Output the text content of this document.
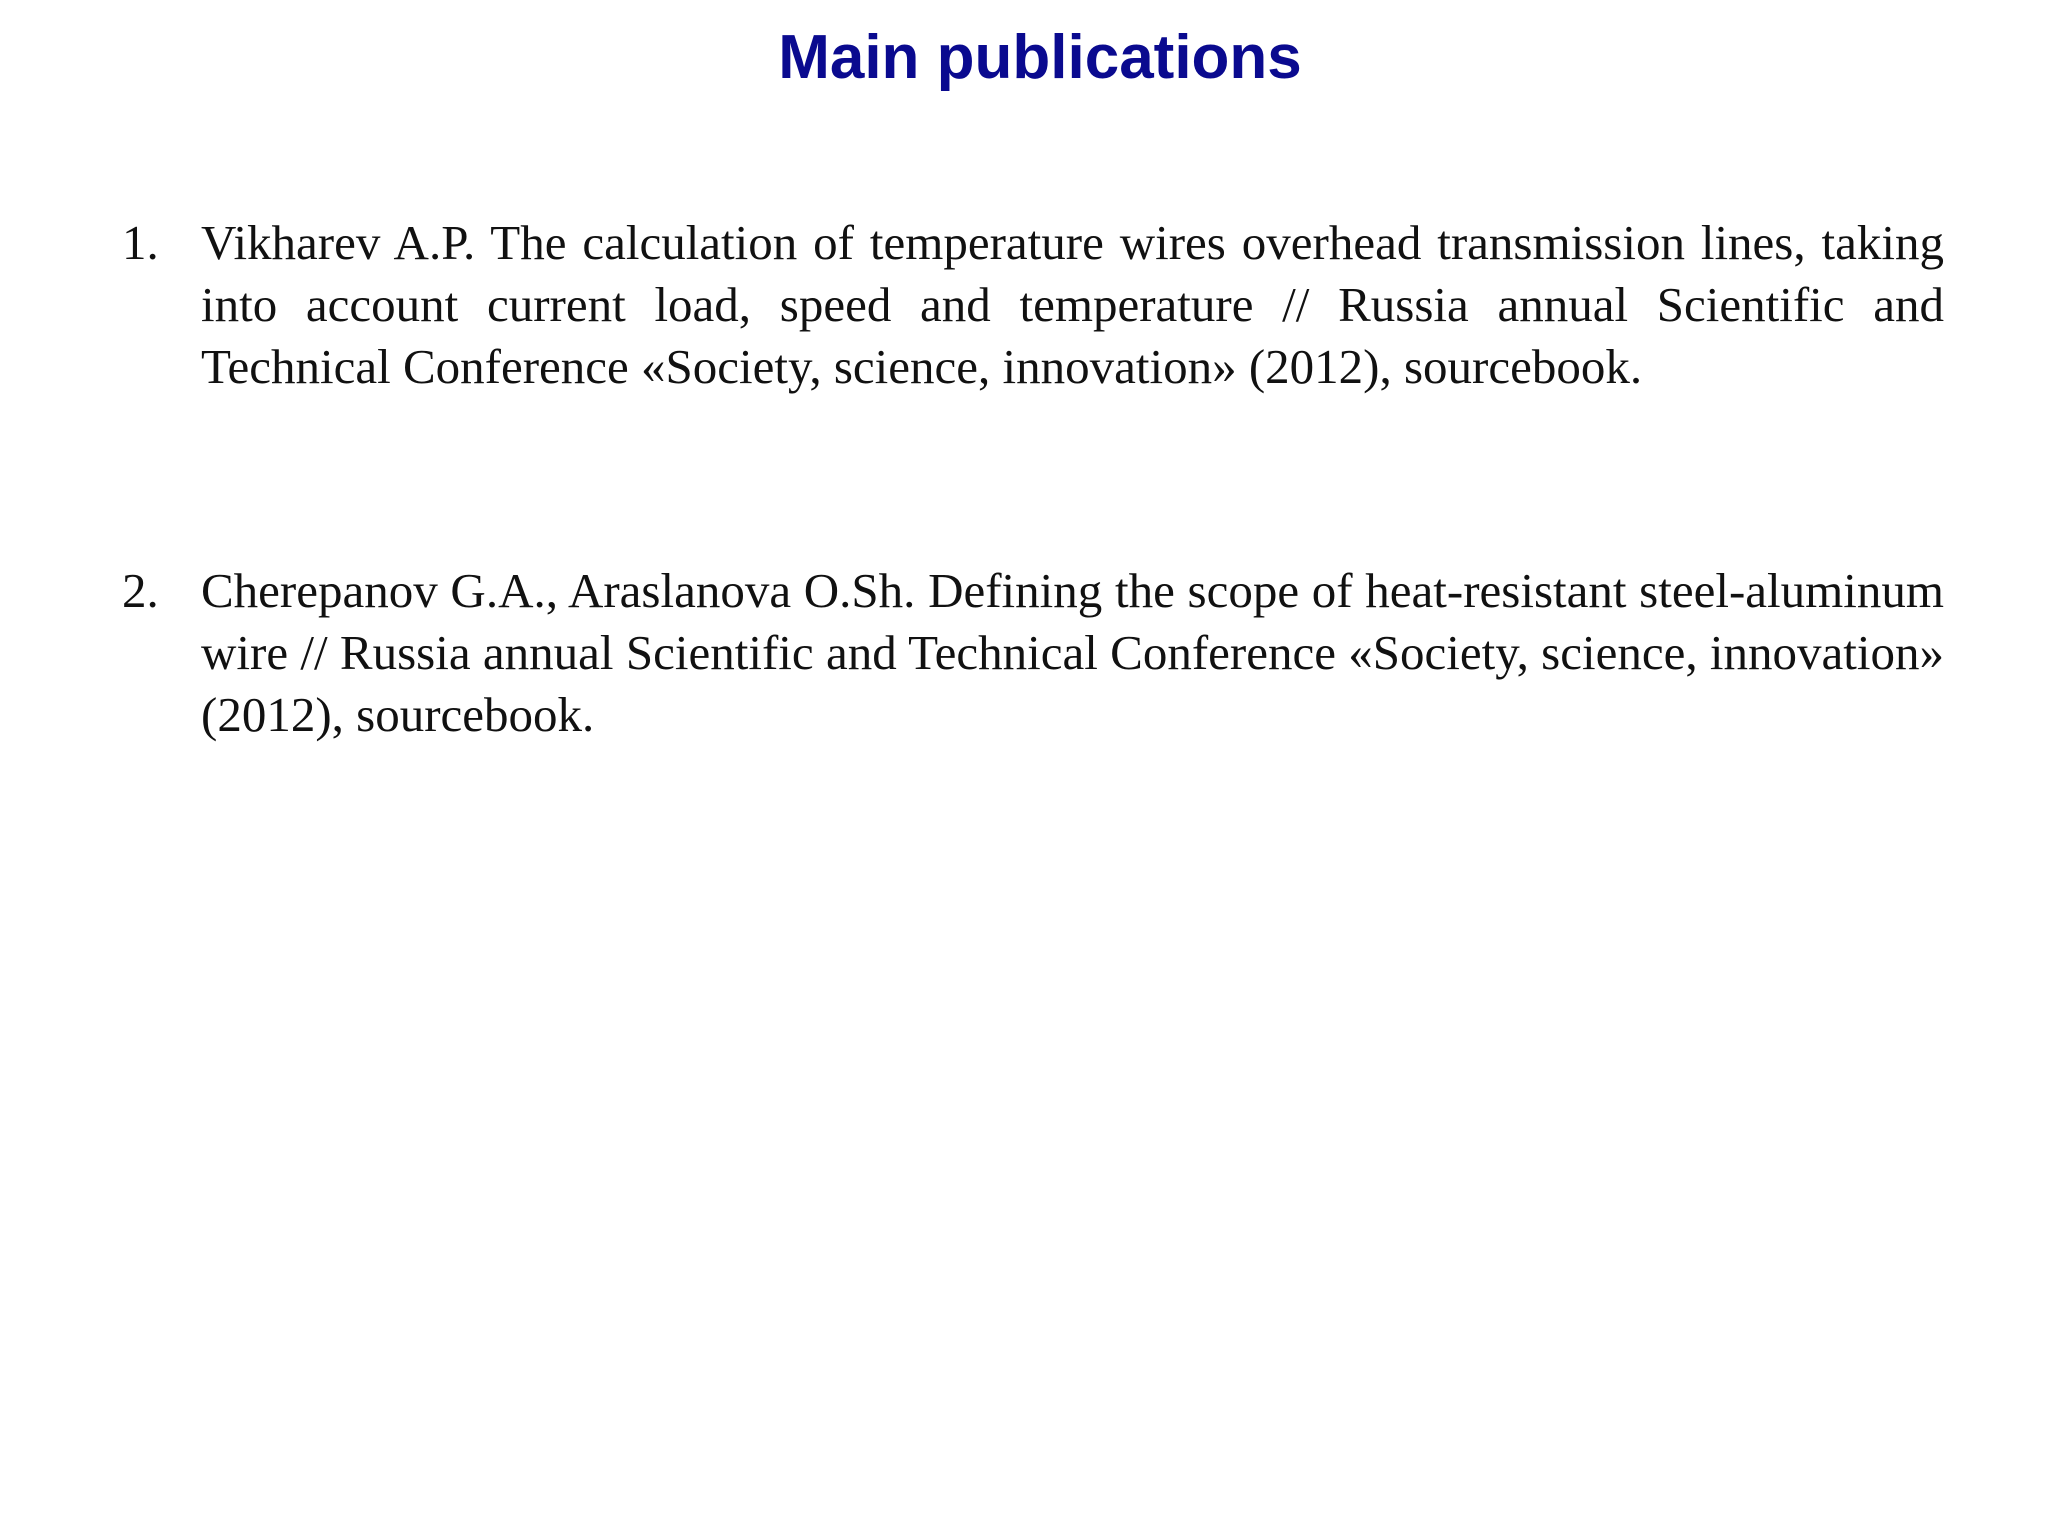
Main publications
1. Vikharev A.P. The calculation of temperature wires overhead transmission lines, taking into account current load, speed and temperature // Russia annual Scientific and Technical Conference «Society, science, innovation» (2012), sourcebook.
2. Cherepanov G.A., Araslanova O.Sh. Defining the scope of heat-resistant steel-aluminum wire // Russia annual Scientific and Technical Conference «Society, science, innovation» (2012), sourcebook.
